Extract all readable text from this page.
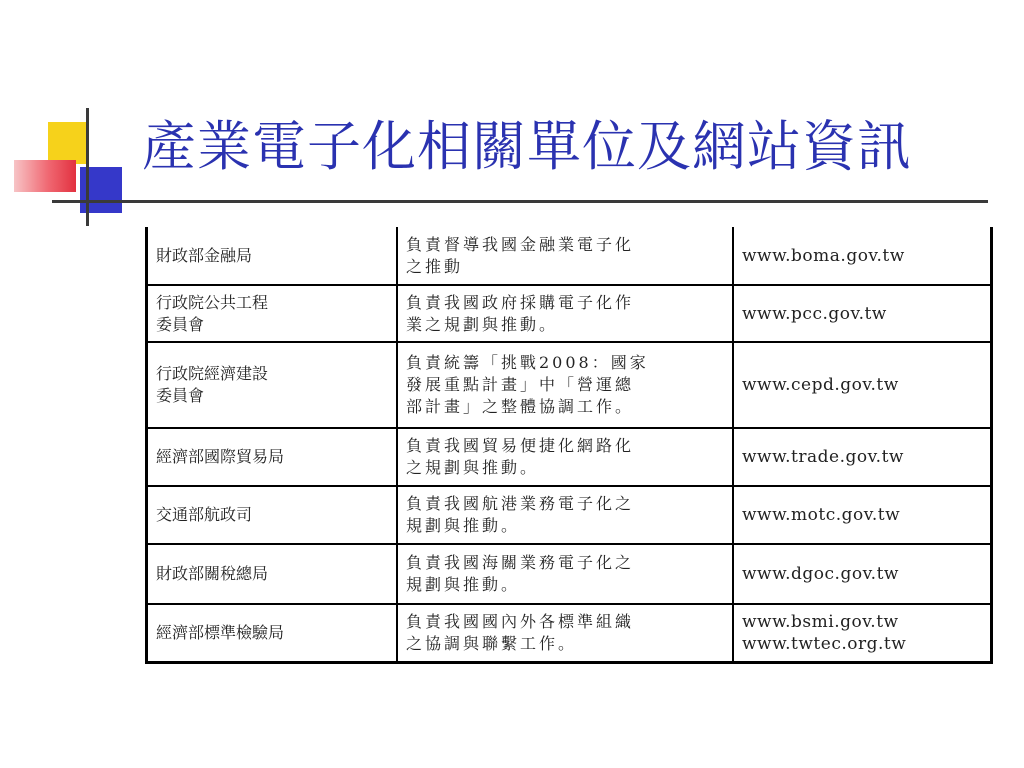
產業電子化相關單位及網站資訊
財政部金融局	負責督導我國金融業電子化
之推動	www.boma.gov.tw

行政院公共工程
委員會	負責我國政府採購電子化作
業之規劃與推動。	www.pcc.gov.tw

行政院經濟建設
委員會	負責統籌「挑戰2008：國家
發展重點計畫」中「營運總
部計畫」之整體協調工作。	www.cepd.gov.tw

經濟部國際貿易局	負責我國貿易便捷化網路化
之規劃與推動。	www.trade.gov.tw

交通部航政司	負責我國航港業務電子化之
規劃與推動。	www.motc.gov.tw

財政部關稅總局	負責我國海關業務電子化之
規劃與推動。	www.dgoc.gov.tw

經濟部標準檢驗局	負責我國國內外各標準組織
之協調與聯繫工作。	www.bsmi.gov.tw
www.twtec.org.tw
